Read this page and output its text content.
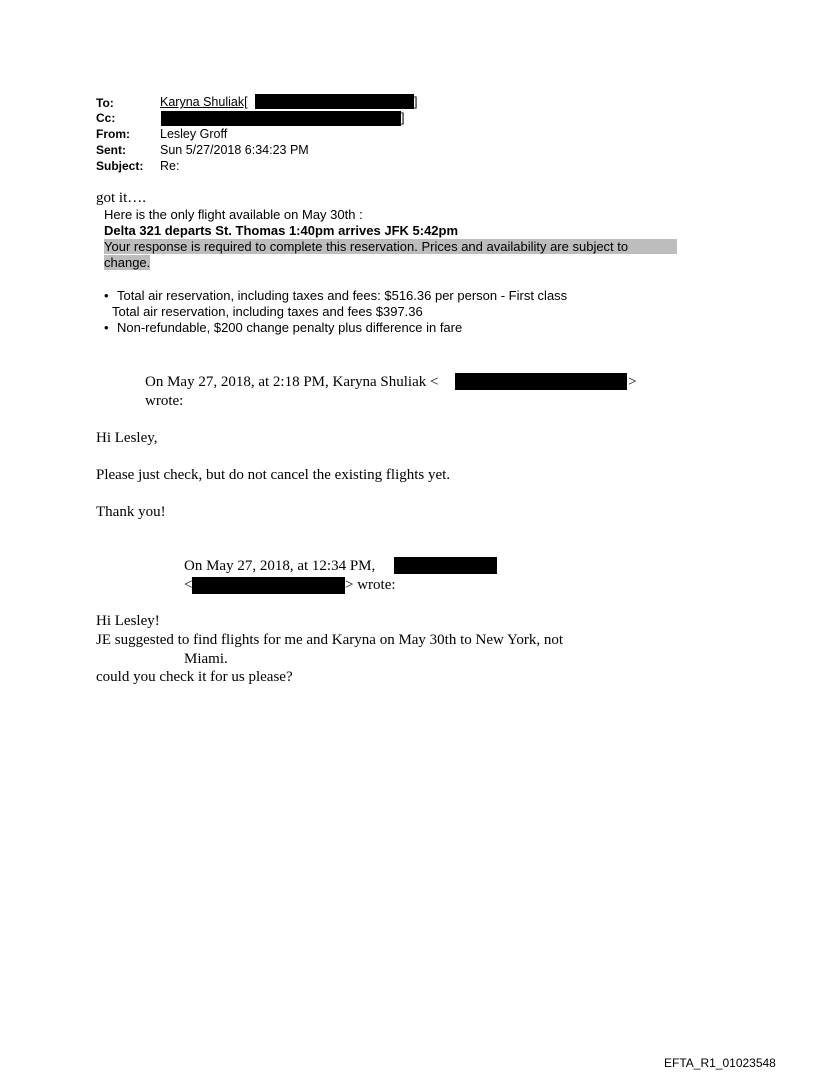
To:	Karyna Shuliak[	]
Cc:	]
From: Lesley Groff
Sent:	Sun 5/27/2018 6:34:23 PM
Subject: Re:
got it….
Here is the only flight available on May 30th :
Delta 321 departs St. Thomas 1:40pm arrives JFK 5:42pm
Your response is required to complete this reservation. Prices and availability are subject to
change.
• Total air reservation, including taxes and fees: $516.36 per person - First class
Total air reservation, including taxes and fees $397.36
• Non-refundable, $200 change penalty plus difference in fare
On May 27, 2018, at 2:18 PM, Karyna Shuliak <	>
wrote:
Hi Lesley,
Please just check, but do not cancel the existing flights yet.
Thank you!
On May 27, 2018, at 12:34 PM,
<	> wrote:
Hi Lesley!
JE suggested to find flights for me and Karyna on May 30th to New York, not
Miami.
could you check it for us please?
EFTA_R1_01023548
